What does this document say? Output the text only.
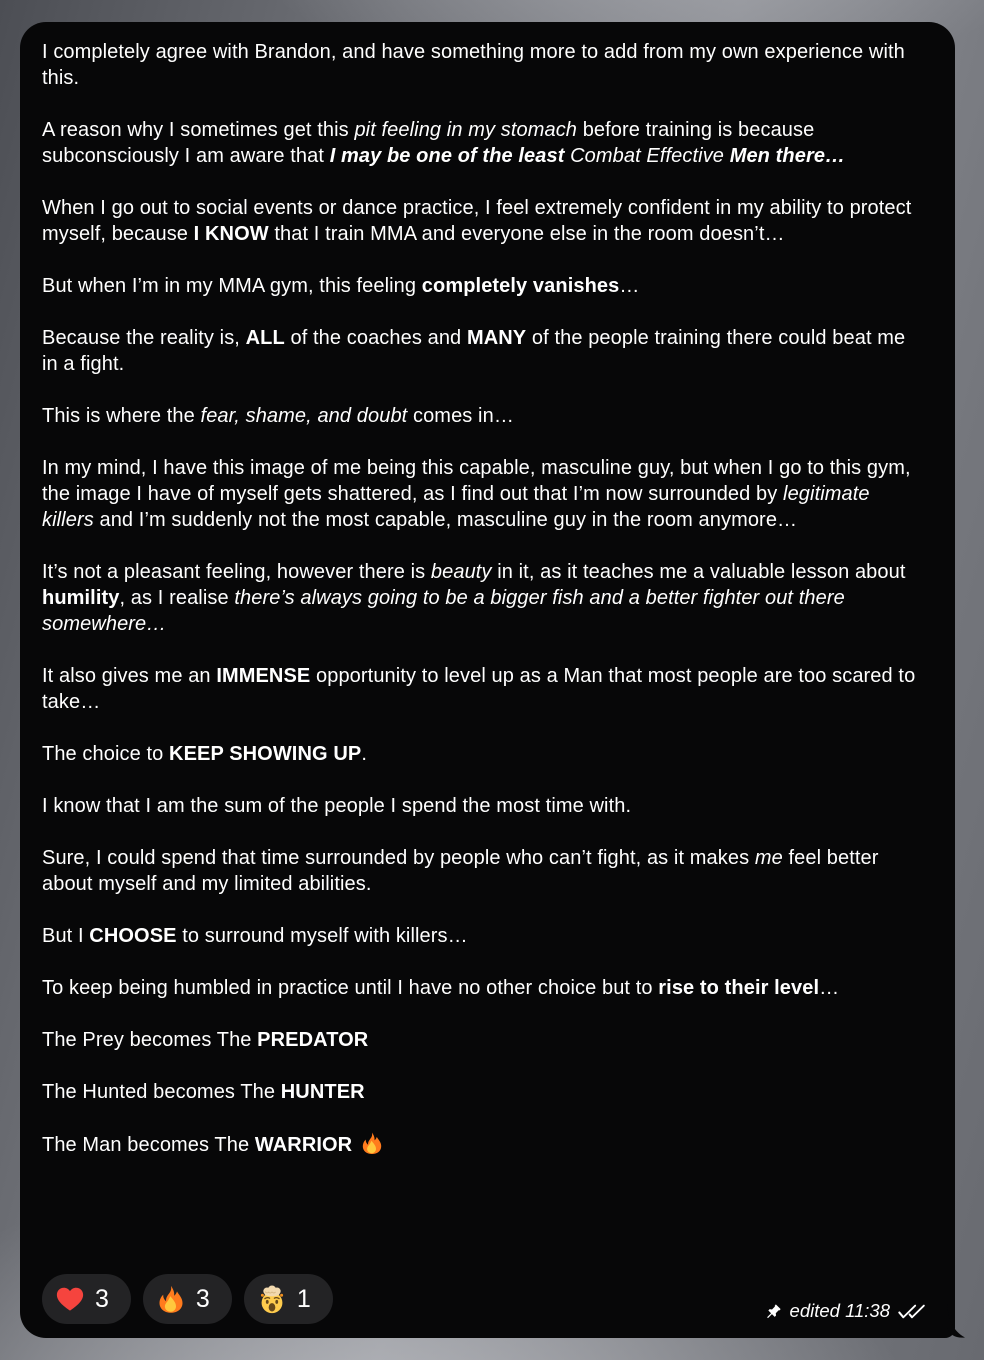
I completely agree with Brandon, and have something more to add from my own experience with this.

A reason why I sometimes get this pit feeling in my stomach before training is because subconsciously I am aware that I may be one of the least Combat Effective Men there…

When I go out to social events or dance practice, I feel extremely confident in my ability to protect myself, because I KNOW that I train MMA and everyone else in the room doesn’t…

But when I’m in my MMA gym, this feeling completely vanishes…

Because the reality is, ALL of the coaches and MANY of the people training there could beat me in a fight.

This is where the fear, shame, and doubt comes in…

In my mind, I have this image of me being this capable, masculine guy, but when I go to this gym, the image I have of myself gets shattered, as I find out that I’m now surrounded by legitimate killers and I’m suddenly not the most capable, masculine guy in the room anymore…

It’s not a pleasant feeling, however there is beauty in it, as it teaches me a valuable lesson about humility, as I realise there’s always going to be a bigger fish and a better fighter out there somewhere…

It also gives me an IMMENSE opportunity to level up as a Man that most people are too scared to take…

The choice to KEEP SHOWING UP.

I know that I am the sum of the people I spend the most time with.

Sure, I could spend that time surrounded by people who can’t fight, as it makes me feel better about myself and my limited abilities.

But I CHOOSE to surround myself with killers…

To keep being humbled in practice until I have no other choice but to rise to their level…

The Prey becomes The PREDATOR

The Hunted becomes The HUNTER

The Man becomes The WARRIOR

3	3	1	edited 11:38
